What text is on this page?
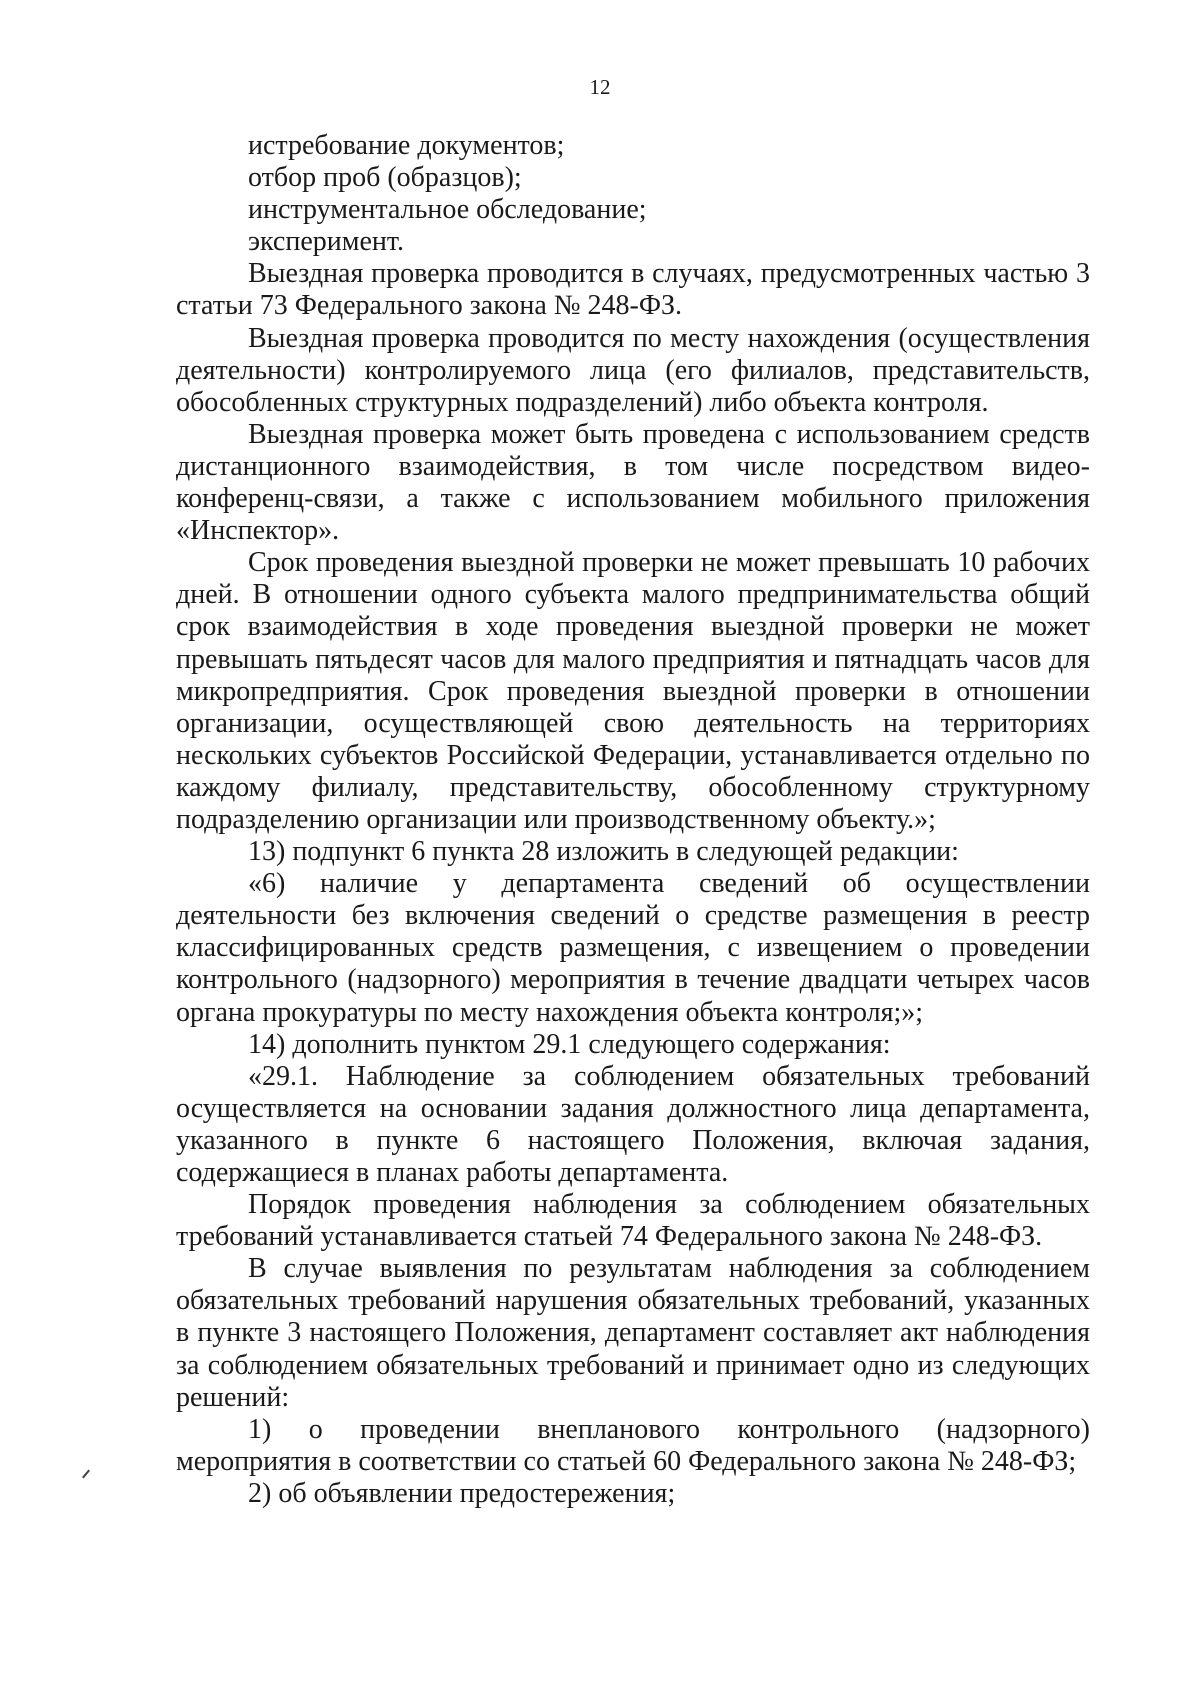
12

истребование документов;

отбор проб (образцов);

инструментальное обследование;

эксперимент.

Выездная проверка проводится в случаях, предусмотренных частью 3 статьи 73 Федерального закона № 248-ФЗ.

Выездная проверка проводится по месту нахождения (осуществления деятельности) контролируемого лица (его филиалов, представительств, обособленных структурных подразделений) либо объекта контроля.

Выездная проверка может быть проведена с использованием средств дистанционного взаимодействия, в том числе посредством видео-конференц-связи, а также с использованием мобильного приложения «Инспектор».

Срок проведения выездной проверки не может превышать 10 рабочих дней. В отношении одного субъекта малого предпринимательства общий срок взаимодействия в ходе проведения выездной проверки не может превышать пятьдесят часов для малого предприятия и пятнадцать часов для микропредприятия. Срок проведения выездной проверки в отношении организации, осуществляющей свою деятельность на территориях нескольких субъектов Российской Федерации, устанавливается отдельно по каждому филиалу, представительству, обособленному структурному подразделению организации или производственному объекту.»;

13) подпункт 6 пункта 28 изложить в следующей редакции:

«6) наличие у департамента сведений об осуществлении деятельности без включения сведений о средстве размещения в реестр классифицированных средств размещения, с извещением о проведении контрольного (надзорного) мероприятия в течение двадцати четырех часов органа прокуратуры по месту нахождения объекта контроля;»;

14) дополнить пунктом 29.1 следующего содержания:

«29.1. Наблюдение за соблюдением обязательных требований осуществляется на основании задания должностного лица департамента, указанного в пункте 6 настоящего Положения, включая задания, содержащиеся в планах работы департамента.

Порядок проведения наблюдения за соблюдением обязательных требований устанавливается статьей 74 Федерального закона № 248-ФЗ.

В случае выявления по результатам наблюдения за соблюдением обязательных требований нарушения обязательных требований, указанных в пункте 3 настоящего Положения, департамент составляет акт наблюдения за соблюдением обязательных требований и принимает одно из следующих решений:

1) о проведении внепланового контрольного (надзорного) мероприятия в соответствии со статьей 60 Федерального закона № 248-ФЗ;

2) об объявлении предостережения;
